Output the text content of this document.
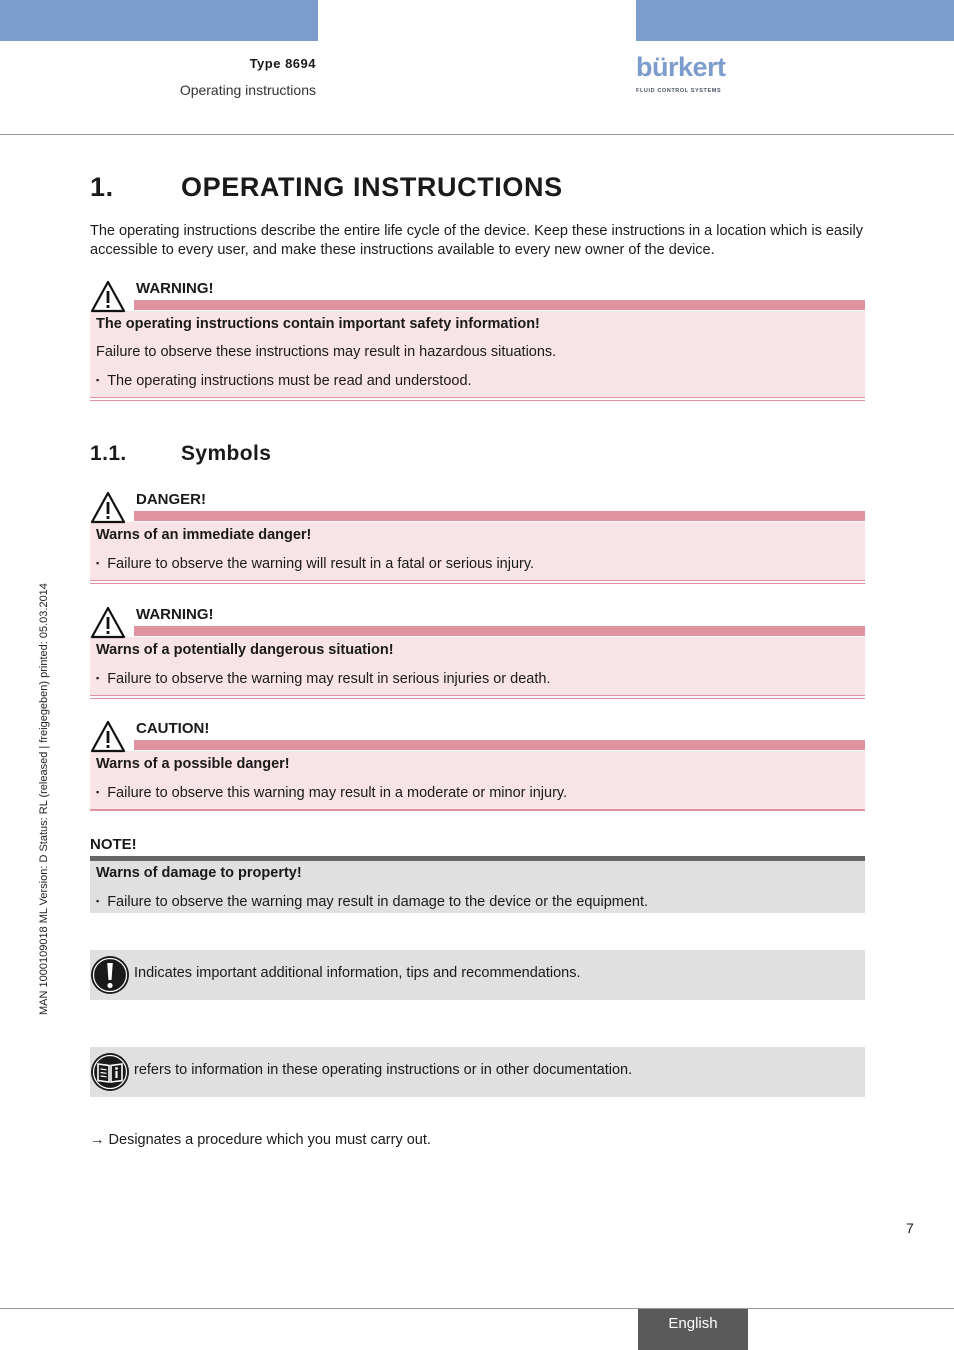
Type 8694
Operating instructions
bürkert
FLUID CONTROL SYSTEMS
MAN 1000109018 ML Version: D Status: RL (released | freigegeben) printed: 05.03.2014
1. OPERATING INSTRUCTIONS
The operating instructions describe the entire life cycle of the device. Keep these instructions in a location which is easily accessible to every user, and make these instructions available to every new owner of the device.
WARNING!
The operating instructions contain important safety information!
Failure to observe these instructions may result in hazardous situations.
▪ The operating instructions must be read and understood.
1.1.	Symbols
DANGER!
Warns of an immediate danger!
▪ Failure to observe the warning will result in a fatal or serious injury.
WARNING!
Warns of a potentially dangerous situation!
▪ Failure to observe the warning may result in serious injuries or death.
CAUTION!
Warns of a possible danger!
▪ Failure to observe this warning may result in a moderate or minor injury.
NOTE!
Warns of damage to property!
▪ Failure to observe the warning may result in damage to the device or the equipment.
Indicates important additional information, tips and recommendations.
refers to information in these operating instructions or in other documentation.
→ Designates a procedure which you must carry out.
7
English
